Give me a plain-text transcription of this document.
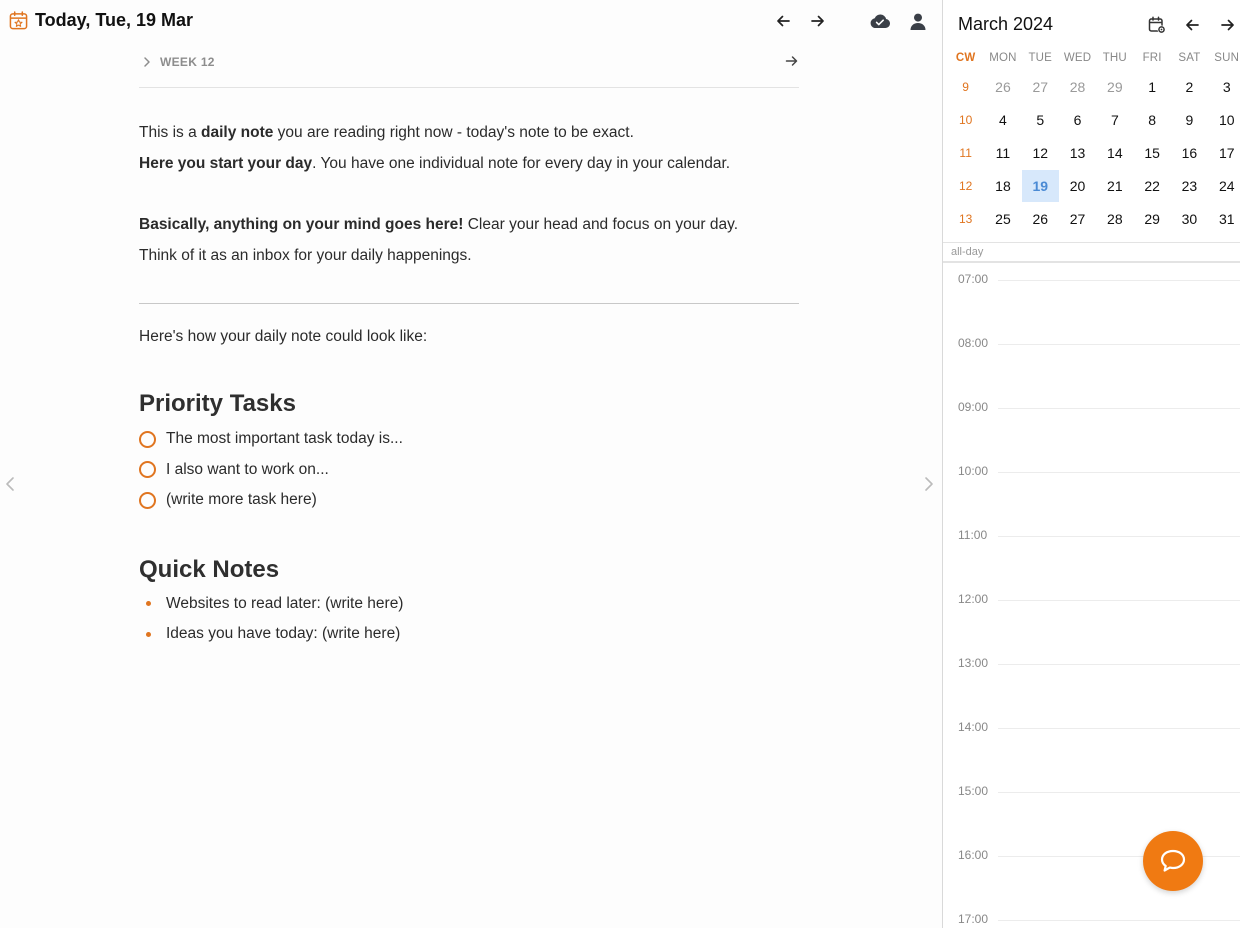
Today, Tue, 19 Mar
WEEK 12
This is a daily note you are reading right now - today's note to be exact.
Here you start your day. You have one individual note for every day in your calendar.
Basically, anything on your mind goes here! Clear your head and focus on your day.
Think of it as an inbox for your daily happenings.
Here's how your daily note could look like:
Priority Tasks
The most important task today is...
I also want to work on...
(write more task here)
Quick Notes
Websites to read later: (write here)
Ideas you have today: (write here)
March 2024
CW	MON	TUE	WED THU	FRI	SAT	SUN
9	26	27	28	29	1	2	3
10	4	5	6	7	8	9	10
11	11	12	13	14	15	16	17
12	18	19	20	21	22	23	24
13	25	26	27	28	29	30	31
all-day
07:00
08:00
09:00
10:00
11:00
12:00
13:00
14:00
15:00
16:00
17:00
